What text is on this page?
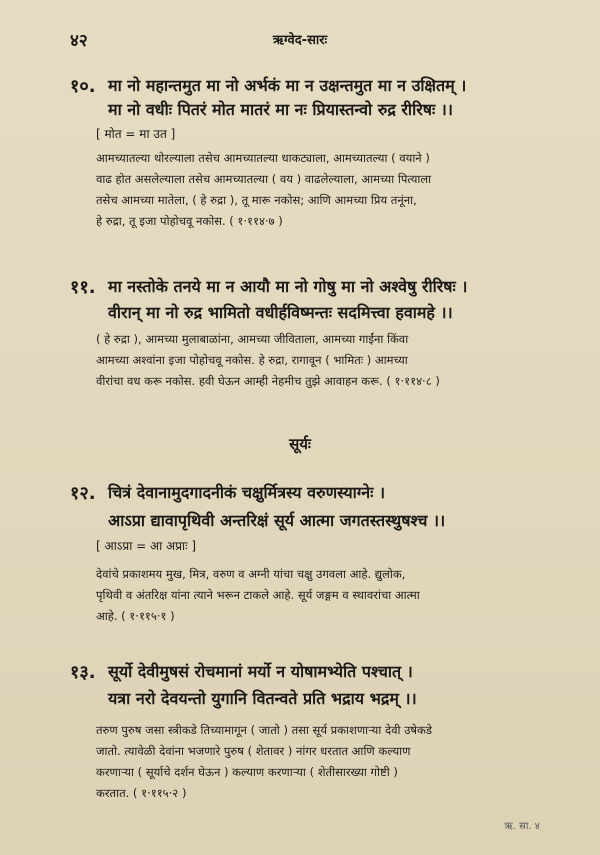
४२	ऋग्वेद-सारः
१०. मा नो महान्तमुत मा नो अर्भकं मा न उक्षन्तमुत मा न उक्षितम् ।
मा नो वधीः पितरं मोत मातरं मा नः प्रियास्तन्वो रुद्र रीरिषः ।।
[ मोत = मा उत ]
आमच्यातल्या थोरल्याला तसेच आमच्यातल्या धाकट्याला, आमच्यातल्या ( वयाने )
वाढ होत असलेल्याला तसेच आमच्यातल्या ( वय ) वाढलेल्याला, आमच्या पित्याला
तसेच आमच्या मातेला, ( हे रुद्रा ), तू मारू नकोस; आणि आमच्या प्रिय तनूंना,
हे रुद्रा, तू इजा पोहोचवू नकोस. ( १·११४·७ )
११. मा नस्तोके तनये मा न आयौ मा नो गोषु मा नो अश्वेषु रीरिषः ।
वीरान् मा नो रुद्र भामितो वधीर्हविष्मन्तः सदमित्त्वा हवामहे ।।
( हे रुद्रा ), आमच्या मुलाबाळांना, आमच्या जीविताला, आमच्या गाईंना किंवा
आमच्या अश्वांना इजा पोहोचवू नकोस. हे रुद्रा, रागावून ( भामितः ) आमच्या
वीरांचा वध करू नकोस. हवी घेऊन आम्ही नेहमीच तुझे आवाहन करू. ( १·११४·८ )
सूर्यः
१२. चित्रं देवानामुदगादनीकं चक्षुर्मित्रस्य वरुणस्याग्नेः ।
आऽप्रा द्यावापृथिवी अन्तरिक्षं सूर्य आत्मा जगतस्तस्थुषश्च ।।
[ आऽप्रा = आ अप्राः ]
देवांचे प्रकाशमय मुख, मित्र, वरुण व अग्नी यांचा चक्षु उगवला आहे. द्युलोक,
पृथिवी व अंतरिक्ष यांना त्याने भरून टाकले आहे. सूर्य जङ्गम व स्थावरांचा आत्मा
आहे. ( १·११५·१ )
१३. सूर्यो देवीमुषसं रोचमानां मर्यो न योषामभ्येति पश्चात् ।
यत्रा नरो देवयन्तो युगानि वितन्वते प्रति भद्राय भद्रम् ।।
तरुण पुरुष जसा स्त्रीकडे तिच्यामागून ( जातो ) तसा सूर्य प्रकाशणाऱ्या देवी उषेकडे
जातो. त्यावेळी देवांना भजणारे पुरुष ( शेतावर ) नांगर धरतात आणि कल्याण
करणाऱ्या ( सूर्याचे दर्शन घेऊन ) कल्याण करणाऱ्या ( शेतीसारख्या गोष्टी )
करतात. ( १·११५·२ )
ऋ. सा. ४
